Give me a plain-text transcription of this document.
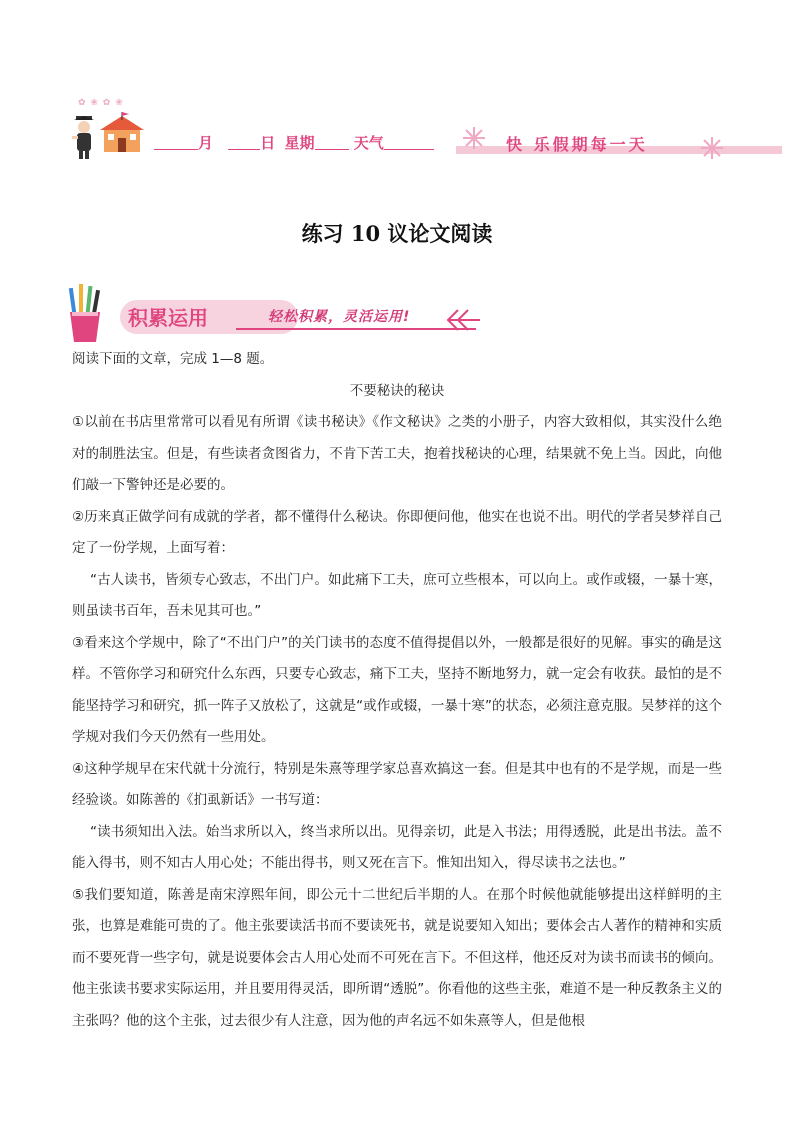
✿ ❀ ✿ ❀
月	日 星期	天气	快 乐假期每一天
练习 10 议论文阅读
积累运用	轻松积累，灵活运用!

阅读下面的文章，完成 1—8 题。

不要秘诀的秘诀

①以前在书店里常常可以看见有所谓《读书秘诀》《作文秘诀》之类的小册子，内容大致相似，其实没什么绝对的制胜法宝。但是，有些读者贪图省力，不肯下苦工夫，抱着找秘诀的心理，结果就不免上当。因此，向他们敲一下警钟还是必要的。

②历来真正做学问有成就的学者，都不懂得什么秘诀。你即便问他，他实在也说不出。明代的学者吴梦祥自己定了一份学规，上面写着：

“古人读书，皆须专心致志，不出门户。如此痛下工夫，庶可立些根本，可以向上。或作或辍，一暴十寒，则虽读书百年，吾未见其可也。”

③看来这个学规中，除了“不出门户”的关门读书的态度不值得提倡以外，一般都是很好的见解。事实的确是这样。不管你学习和研究什么东西，只要专心致志，痛下工夫，坚持不断地努力，就一定会有收获。最怕的是不能坚持学习和研究，抓一阵子又放松了，这就是“或作或辍，一暴十寒”的状态，必须注意克服。吴梦祥的这个学规对我们今天仍然有一些用处。

④这种学规早在宋代就十分流行，特别是朱熹等理学家总喜欢搞这一套。但是其中也有的不是学规，而是一些经验谈。如陈善的《扪虱新话》一书写道：

“读书须知出入法。始当求所以入，终当求所以出。见得亲切，此是入书法；用得透脱，此是出书法。盖不能入得书，则不知古人用心处；不能出得书，则又死在言下。惟知出知入，得尽读书之法也。”

⑤我们要知道，陈善是南宋淳熙年间，即公元十二世纪后半期的人。在那个时候他就能够提出这样鲜明的主张，也算是难能可贵的了。他主张要读活书而不要读死书，就是说要知入知出；要体会古人著作的精神和实质而不要死背一些字句，就是说要体会古人用心处而不可死在言下。不但这样，他还反对为读书而读书的倾向。他主张读书要求实际运用，并且要用得灵活，即所谓“透脱”。你看他的这些主张，难道不是一种反教条主义的主张吗？他的这个主张，过去很少有人注意，因为他的声名远不如朱熹等人，但是他根
